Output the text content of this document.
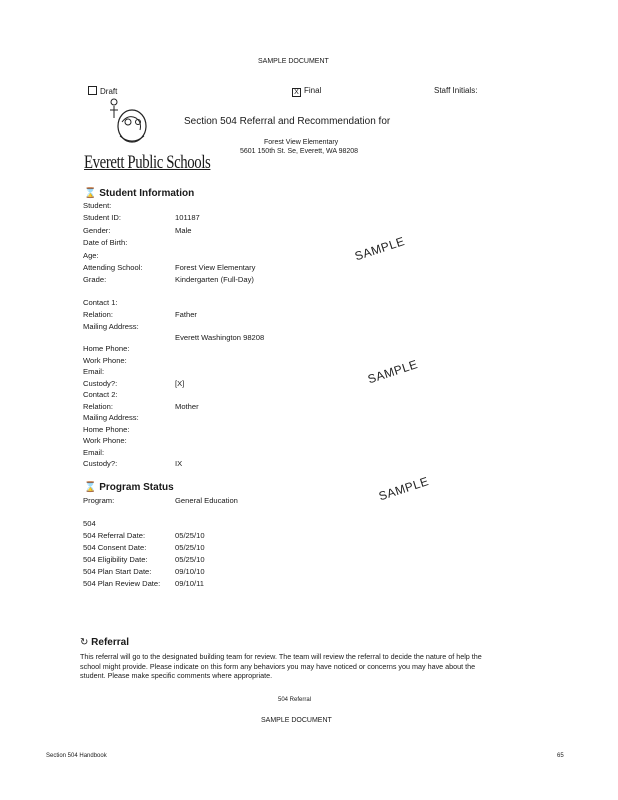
SAMPLE DOCUMENT
Draft	X Final	Staff Initials:
Everett Public Schools
Section 504 Referral and Recommendation for
Forest View Elementary
5601 150th St. Se, Everett, WA 98208
⌛ Student Information
Student:
Student ID:	101187
Gender:	Male
Date of Birth:
Age:
Attending School:	Forest View Elementary
Grade:	Kindergarten (Full-Day)
Contact 1:
Relation:	Father
Mailing Address:
Everett Washington 98208
Home Phone:
Work Phone:
Email:
Custody?:	[X]
Contact 2:
Relation:	Mother
Mailing Address:
Home Phone:
Work Phone:
Email:
Custody?:	IX
⌛ Program Status
Program:	General Education
504
504 Referral Date:	05/25/10
504 Consent Date:	05/25/10
504 Eligibility Date:	05/25/10
504 Plan Start Date:	09/10/10
504 Plan Review Date: 09/10/11
SAMPLE
SAMPLE
SAMPLE
↻ Referral
This referral will go to the designated building team for review. The team will review the referral to decide the nature of help the school might provide. Please indicate on this form any behaviors you may have noticed or concerns you may have about the student. Please make specific comments where appropriate.
504 Referral
SAMPLE DOCUMENT
Section 504 Handbook	65
